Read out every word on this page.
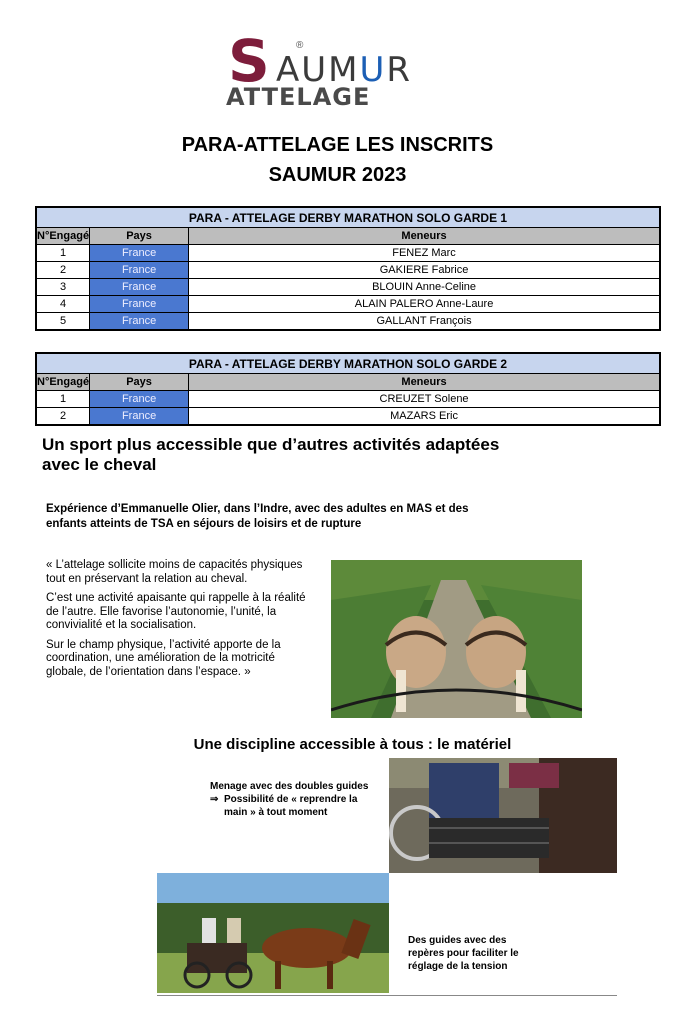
S	®
AUMUR
ATTELAGE
PARA-ATTELAGE LES INSCRITS
SAUMUR 2023
PARA - ATTELAGE DERBY MARATHON SOLO GARDE 1		
N°Engagé	Pays	Meneurs
1	France	FENEZ Marc
2	France	GAKIERE Fabrice
3	France	BLOUIN Anne-Celine
4	France	ALAIN PALERO Anne-Laure
5	France	GALLANT François
PARA - ATTELAGE DERBY MARATHON SOLO GARDE 2		
N°Engagé	Pays	Meneurs
1	France	CREUZET Solene
2	France	MAZARS Eric
Un sport plus accessible que d’autres activités adaptées
avec le cheval
Expérience d’Emmanuelle Olier, dans l’Indre, avec des adultes en MAS et des
enfants atteints de TSA en séjours de loisirs et de rupture

« L’attelage sollicite moins de capacités physiques tout en préservant la relation au cheval.

C’est une activité apaisante qui rappelle à la réalité de l’autre. Elle favorise l’autonomie, l’unité, la convivialité et la socialisation.

Sur le champ physique, l’activité apporte de la coordination, une amélioration de la motricité globale, de l’orientation dans l’espace. »

Une discipline accessible à tous : le matériel
Menage avec des doubles guides
⇒ Possibilité de « reprendre la
main » à tout moment
Des guides avec des
repères pour faciliter le
réglage de la tension
